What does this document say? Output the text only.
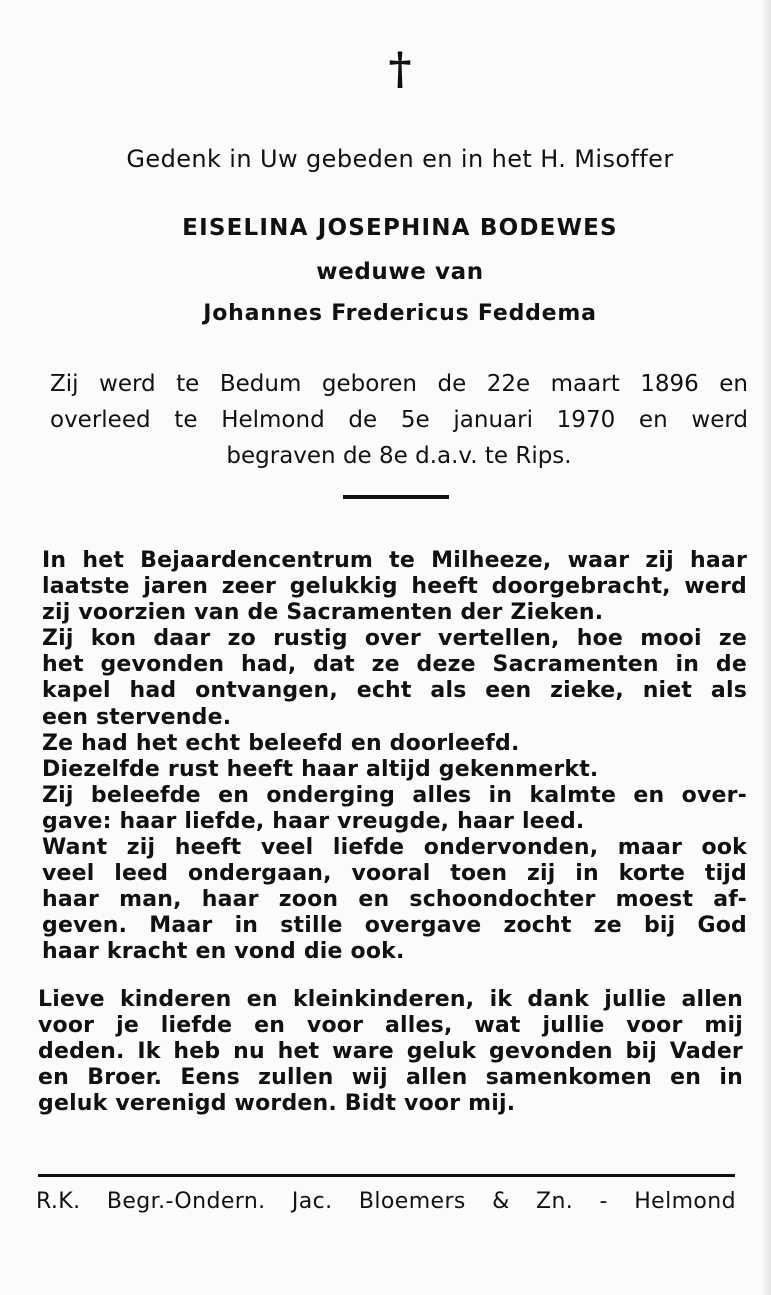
†
Gedenk in Uw gebeden en in het H. Misoffer
EISELINA JOSEPHINA BODEWES
weduwe van
Johannes Fredericus Feddema
Zij werd te Bedum geboren de 22e maart 1896 en
overleed te Helmond de 5e januari 1970 en werd
begraven de 8e d.a.v. te Rips.
In het Bejaardencentrum te Milheeze, waar zij haar
laatste jaren zeer gelukkig heeft doorgebracht, werd
zij voorzien van de Sacramenten der Zieken.
Zij kon daar zo rustig over vertellen, hoe mooi ze
het gevonden had, dat ze deze Sacramenten in de
kapel had ontvangen, echt als een zieke, niet als
een stervende.
Ze had het echt beleefd en doorleefd.
Diezelfde rust heeft haar altijd gekenmerkt.
Zij beleefde en onderging alles in kalmte en over-
gave: haar liefde, haar vreugde, haar leed.
Want zij heeft veel liefde ondervonden, maar ook
veel leed ondergaan, vooral toen zij in korte tijd
haar man, haar zoon en schoondochter moest af-
geven. Maar in stille overgave zocht ze bij God
haar kracht en vond die ook.
Lieve kinderen en kleinkinderen, ik dank jullie allen
voor je liefde en voor alles, wat jullie voor mij
deden. Ik heb nu het ware geluk gevonden bij Vader
en Broer. Eens zullen wij allen samenkomen en in
geluk verenigd worden. Bidt voor mij.
R.K. Begr.-Ondern. Jac. Bloemers & Zn. - Helmond
